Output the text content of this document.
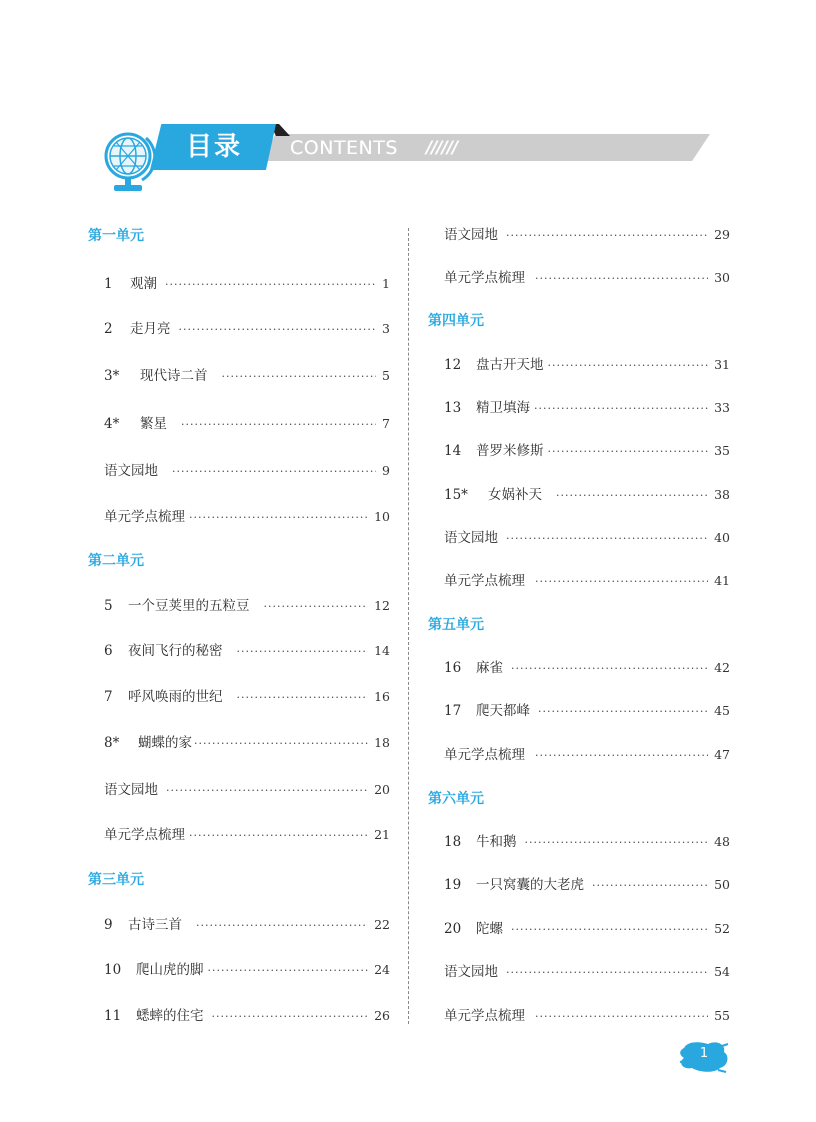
目录	CONTENTS //////
第一单元
1	观潮 ·····	1
2	走月亮 ·····	3
3*	现代诗二首 ·····	5
4*	繁星 ·····	7
语文园地 ·····	9
单元学点梳理 ·····	10
第二单元
5	一个豆荚里的五粒豆 ·····	12
6	夜间飞行的秘密 ·····	14
7	呼风唤雨的世纪 ·····	16
8*	蝴蝶的家 ·····	18
语文园地 ·····	20
单元学点梳理 ·····	21
第三单元
9	古诗三首 ·····	22
10	爬山虎的脚 ·····	24
11	蟋蟀的住宅 ·····	26
语文园地 ·····	29
单元学点梳理 ·····	30
第四单元
12	盘古开天地 ·····	31
13	精卫填海 ·····	33
14	普罗米修斯 ·····	35
15*	女娲补天 ·····	38
语文园地 ·····	40
单元学点梳理 ·····	41
第五单元
16	麻雀 ·····	42
17	爬天都峰 ·····	45
单元学点梳理 ·····	47
第六单元
18	牛和鹅 ·····	48
19	一只窝囊的大老虎 ·····	50
20	陀螺 ·····	52
语文园地 ·····	54
单元学点梳理 ·····	55
1
